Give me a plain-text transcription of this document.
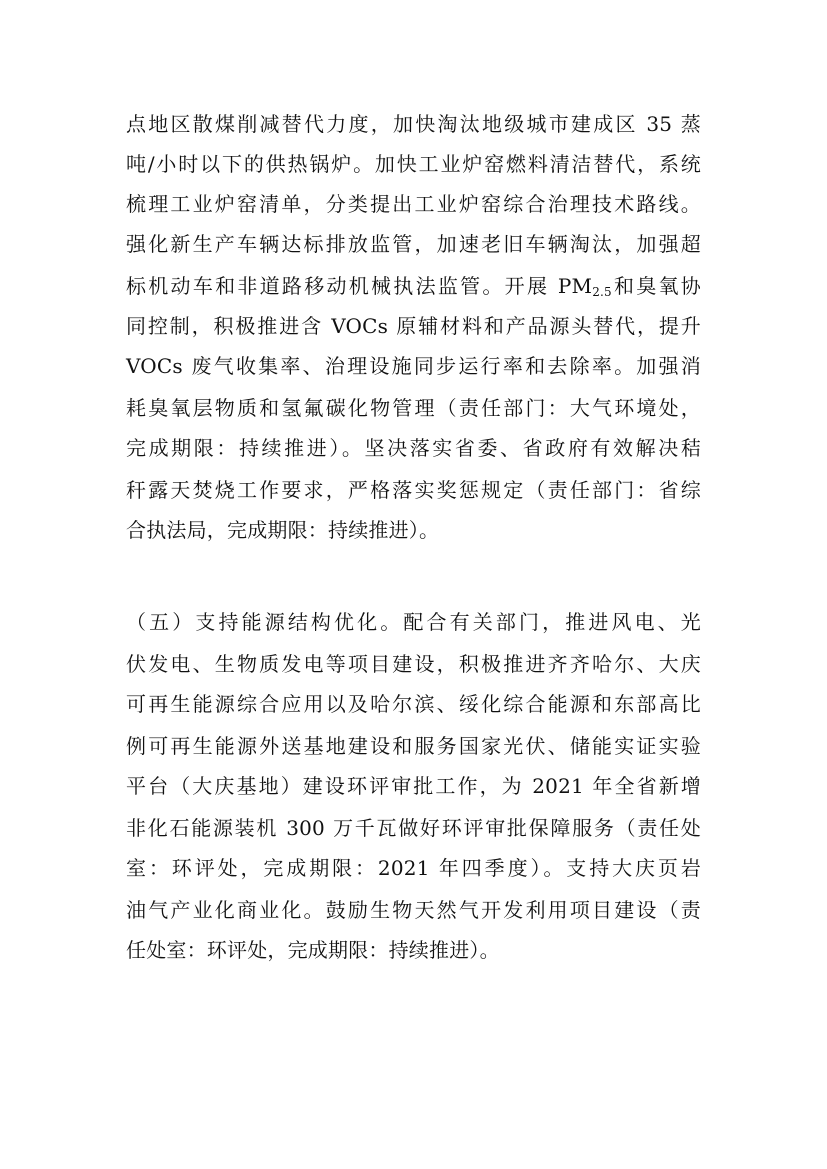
点地区散煤削减替代力度，加快淘汰地级城市建成区 35 蒸
吨/小时以下的供热锅炉。加快工业炉窑燃料清洁替代，系统
梳理工业炉窑清单，分类提出工业炉窑综合治理技术路线。
强化新生产车辆达标排放监管，加速老旧车辆淘汰，加强超
标机动车和非道路移动机械执法监管。开展 $PM_{2.5}$和臭氧协
同控制，积极推进含 VOCs 原辅材料和产品源头替代，提升
VOCs 废气收集率、治理设施同步运行率和去除率。加强消
耗臭氧层物质和氢氟碳化物管理（责任部门：大气环境处，
完成期限：持续推进）。坚决落实省委、省政府有效解决秸
秆露天焚烧工作要求，严格落实奖惩规定（责任部门：省综
合执法局，完成期限：持续推进）。
（五）支持能源结构优化。配合有关部门，推进风电、光
伏发电、生物质发电等项目建设，积极推进齐齐哈尔、大庆
可再生能源综合应用以及哈尔滨、绥化综合能源和东部高比
例可再生能源外送基地建设和服务国家光伏、储能实证实验
平台（大庆基地）建设环评审批工作，为 2021 年全省新增
非化石能源装机 300 万千瓦做好环评审批保障服务（责任处
室：环评处，完成期限：2021 年四季度）。支持大庆页岩
油气产业化商业化。鼓励生物天然气开发利用项目建设（责
任处室：环评处，完成期限：持续推进）。
